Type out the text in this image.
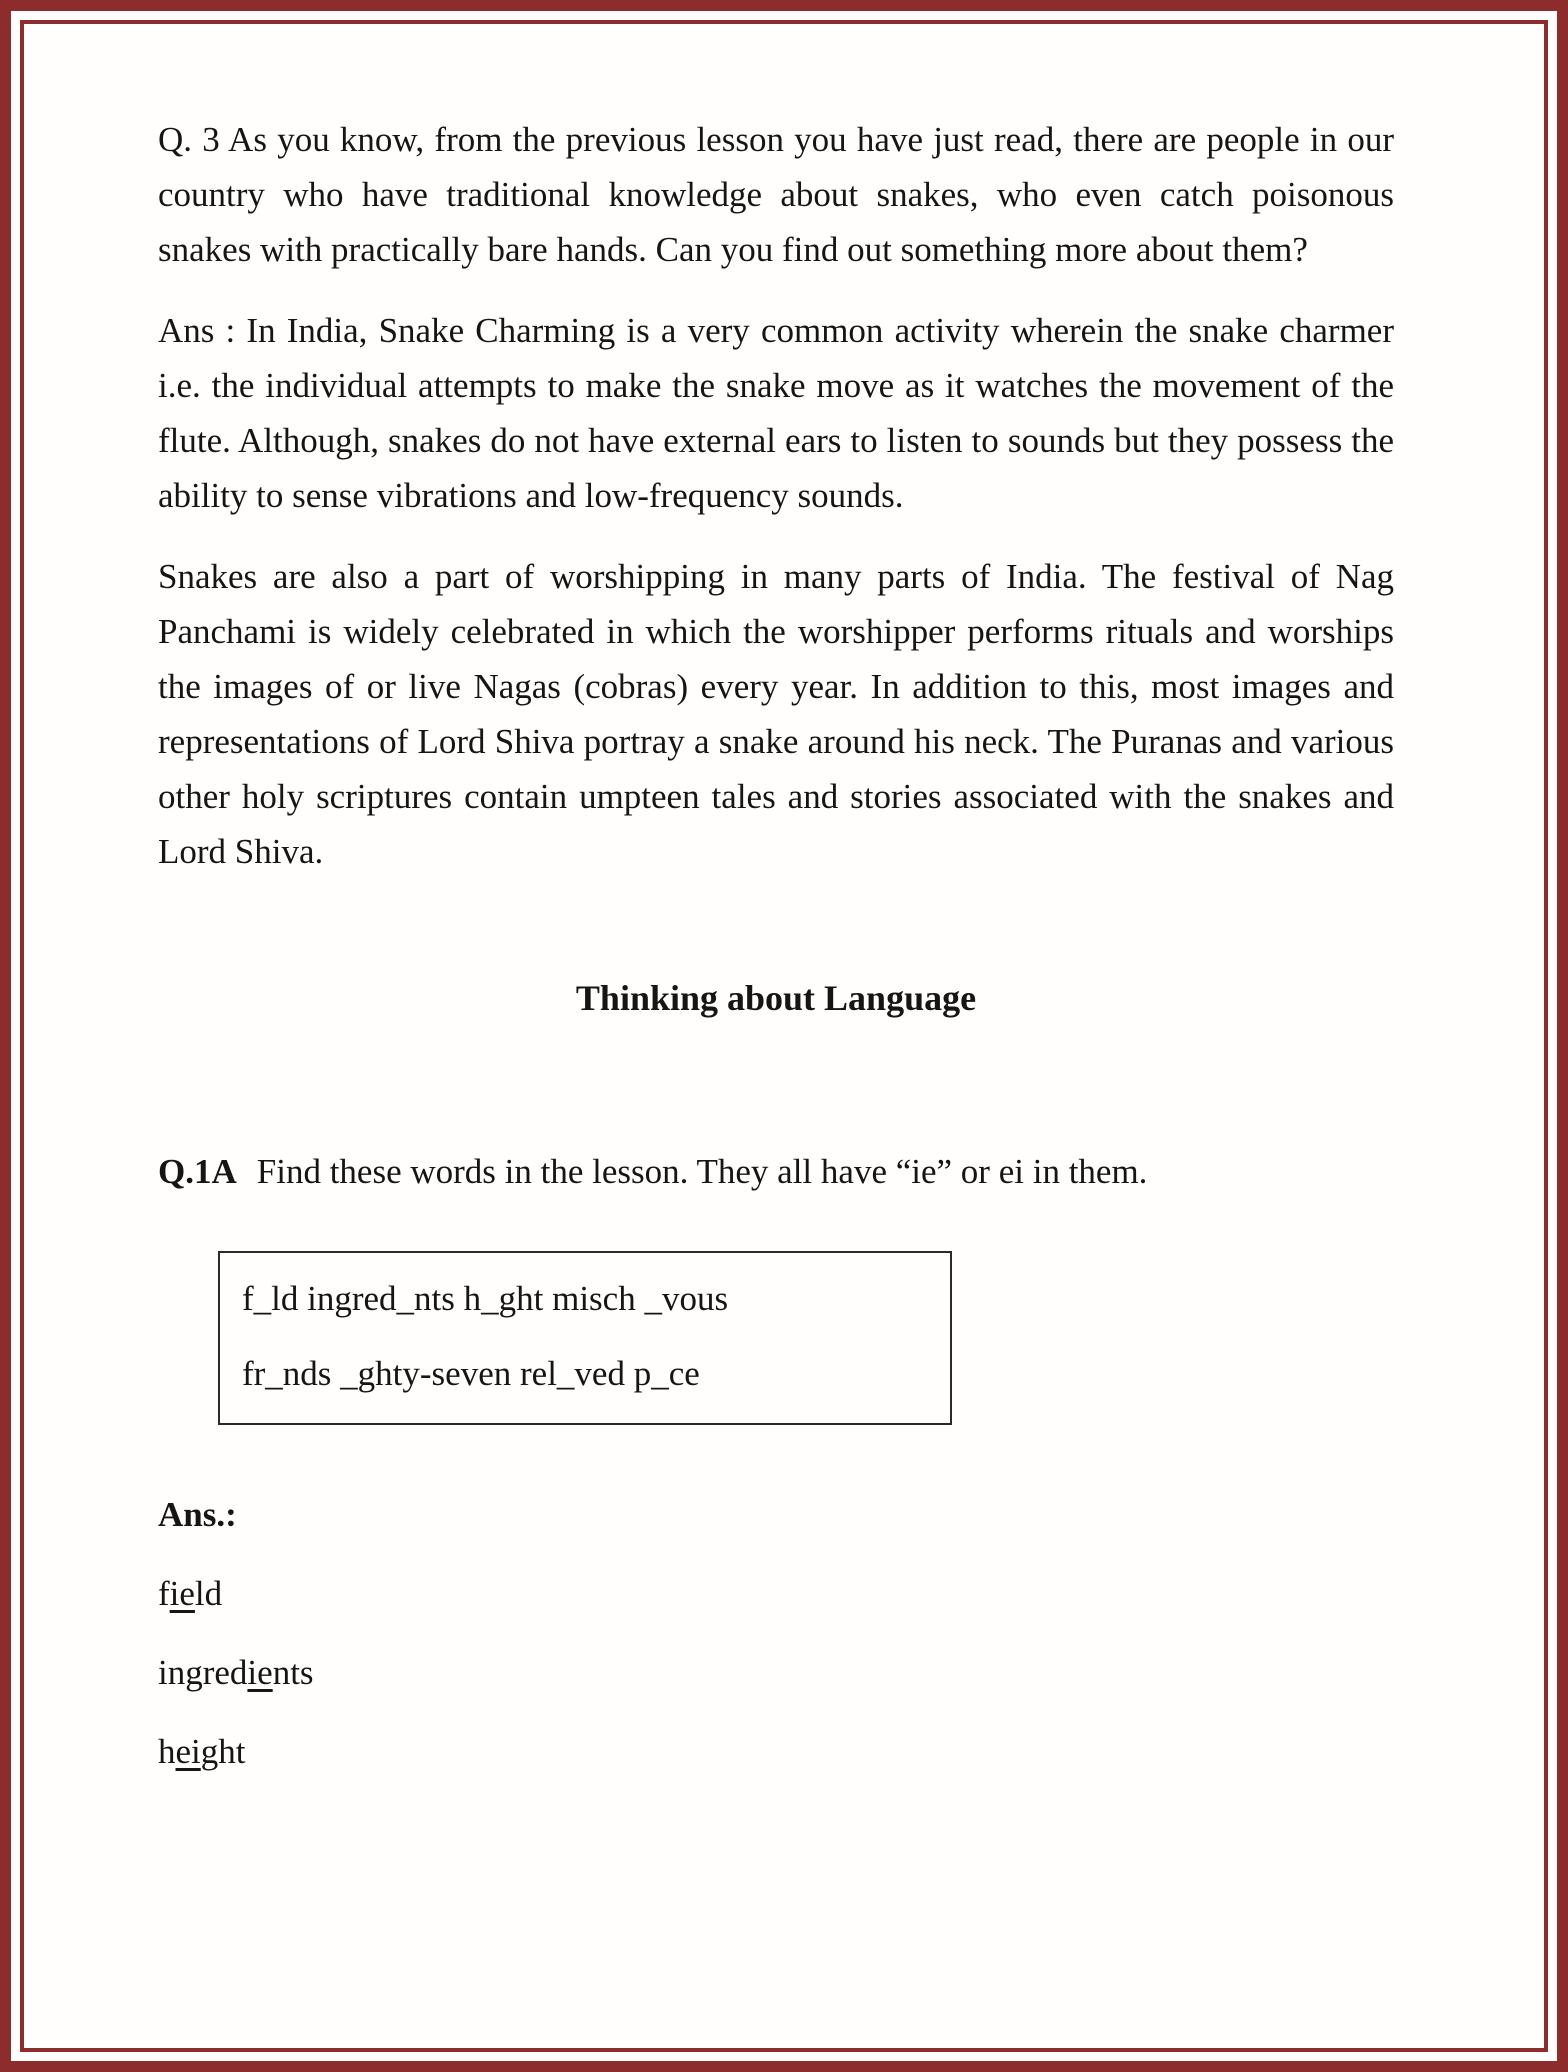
Q. 3 As you know, from the previous lesson you have just read, there are people in our country who have traditional knowledge about snakes, who even catch poisonous snakes with practically bare hands. Can you find out something more about them?

Ans : In India, Snake Charming is a very common activity wherein the snake charmer i.e. the individual attempts to make the snake move as it watches the movement of the flute. Although, snakes do not have external ears to listen to sounds but they possess the ability to sense vibrations and low-frequency sounds.

Snakes are also a part of worshipping in many parts of India. The festival of Nag Panchami is widely celebrated in which the worshipper performs rituals and worships the images of or live Nagas (cobras) every year. In addition to this, most images and representations of Lord Shiva portray a snake around his neck. The Puranas and various other holy scriptures contain umpteen tales and stories associated with the snakes and Lord Shiva.

Thinking about Language
Q.1A Find these words in the lesson. They all have “ie” or ei in them.
f_ld ingred_nts h_ght misch _vous
fr_nds _ghty-seven rel_ved p_ce
Ans.:
field
ingredients
height
